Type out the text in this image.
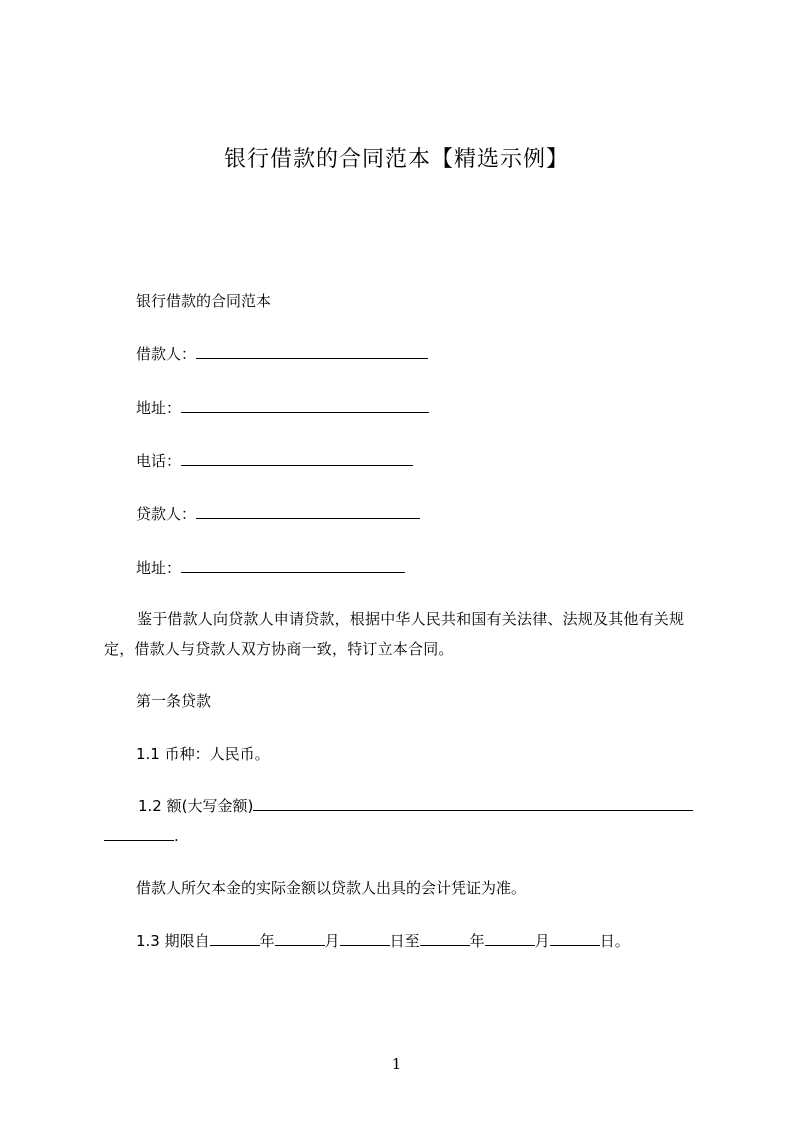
银行借款的合同范本【精选示例】
银行借款的合同范本
借款人：
地址：
电话：
贷款人：
地址：
鉴于借款人向贷款人申请贷款，根据中华人民共和国有关法律、法规及其他有关规定，借款人与贷款人双方协商一致，特订立本合同。
第一条贷款
1.1 币种：人民币。
1.2 额(大写金额)
.
借款人所欠本金的实际金额以贷款人出具的会计凭证为准。
1.3 期限自	年	月	日至	年	月	日。
1
